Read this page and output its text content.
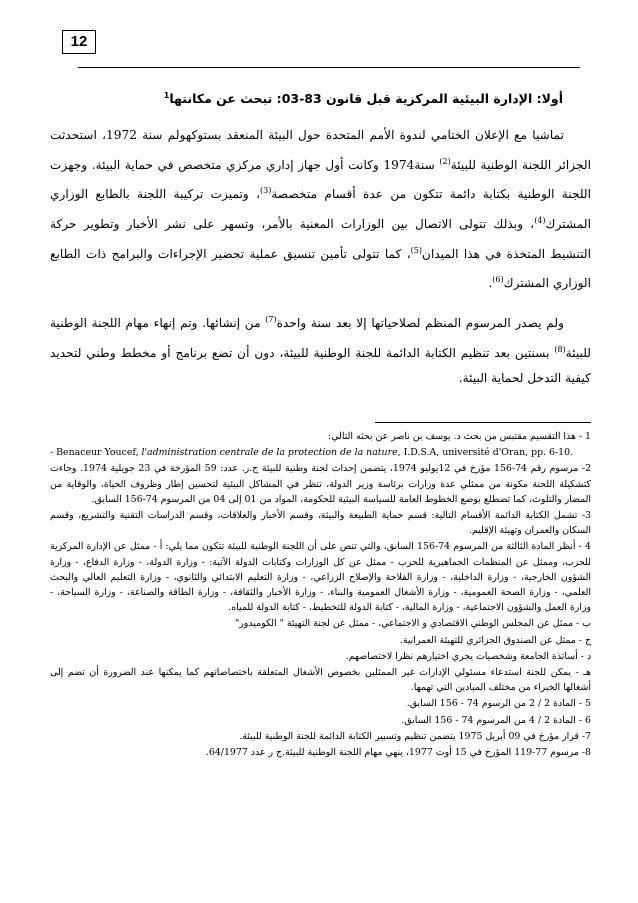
12
أولا: الإدارة البيئية المركزية قبل قانون 83-03: تبحث عن مكانتها$^1$

تماشيا مع الإعلان الختامي لندوة الأمم المتحدة حول البيئة المنعقد بستوكهولم سنة 1972، استحدثت الجزائر اللجنة الوطنية للبيئة$^{(2)}$ سنة1974 وكانت أول جهاز إداري مركزي متخصص في حماية البيئة. وجهزت اللجنة الوطنية بكتابة دائمة تتكون من عدة أقسام متخصصة$^{(3)}$، وتميزت تركيبة اللجنة بالطابع الوزاري المشترك$^{(4)}$، وبذلك تتولى الاتصال بين الوزارات المعنية بالأمر، وتسهر على نشر الأخبار وتطوير حركة التنشيط المتخذة في هذا الميدان$^{(5)}$، كما تتولى تأمين تنسيق عملية تحضير الإجراءات والبرامج ذات الطابع الوزاري المشترك$^{(6)}$.

ولم يصدر المرسوم المنظم لصلاحياتها إلا بعد سنة واحدة$^{(7)}$ من إنشائها. وتم إنهاء مهام اللجنة الوطنية للبيئة$^{(8)}$ بسنتين بعد تنظيم الكتابة الدائمة للجنة الوطنية للبيئة، دون أن تضع برنامج أو مخطط وطني لتحديد كيفية التدخل لحماية البيئة.

1 - هذا التقسيم مقتبس من بحث د. يوسف بن ناصر عن بحثه التالي:
- Benaceur Youcef, l'administration centrale de la protection de la nature, I.D.S.A, université d'Oran, pp. 6-10.
2- مرسوم رقم 74-156 مؤرخ في 12يوليو 1974، يتضمن إحداث لجنة وطنية للبيئة ج.ر. عدد: 59 المؤرخة في 23 جويلية 1974. وجاءت كتشكيلة اللجنة مكونة من ممثلي عدة وزارات برئاسة وزير الدولة، تنظر في المشاكل البيئية لتحسين إطار وظروف الحياة، والوقاية من المضار والتلوث، كما تضطلع بوضع الخطوط العامة للسياسة البيئية للحكومة، المواد من 01 إلى 04 من المرسوم 74-156 السابق.
3- تشمل الكتابة الدائمة الأقسام التالية: قسم حماية الطبيعة والبيئة، وقسم الأخبار والعلاقات، وقسم الدراسات التقنية والتشريع، وقسم السكان والعمران وتهيئة الإقليم.
4 - أنظر المادة الثالثة من المرسوم 74-156 السابق، والتي تنص على أن اللجنة الوطنية للبيئة تتكون مما يلي: أ - ممثل عن الإدارة المركزية للحزب، وممثل عن المنظمات الجماهيرية للحزب - ممثل عن كل الوزارات وكتابات الدولة الآتية: - وزارة الدولة، - وزارة الدفاع، - وزارة الشؤون الخارجية، - وزارة الداخلية، - وزارة الفلاحة والإصلاح الزراعي، - وزارة التعليم الابتدائي والثانوي، - وزارة التعليم العالي والبحث العلمي، - وزارة الصحة العمومية، - وزارة الأشغال العمومية والبناء، - وزارة الأخبار والثقافة، - وزارة الطاقة والصناعة، - وزارة السياحة، - وزارة العمل والشؤون الاجتماعية، - وزارة المالية، - كتابة الدولة للتخطيط، - كتابة الدولة للمياه.
ب - ممثل عن المجلس الوطني الاقتصادي و الاجتماعي، - ممثل عن لجنة التهيئة " الكوميدور"
ج - ممثل عن الصندوق الجزائري للتهيئة العمرانية.
د - أساتذة الجامعة وشخصيات يجري اختيارهم نظرا لاختصاصهم.
هـ - يمكن للجنة استدعاء مسئولي الإدارات غير الممثلين بخصوص الأشغال المتعلقة باختصاصاتهم كما يمكنها عند الضرورة أن تضم إلى أشغالها الخبراء من مختلف الميادين التي تهمها.
5 - المادة 2 / 2 من الرسوم 74 - 156 السابق.
6 - المادة 2 / 4 من المرسوم 74 - 156 السابق.
7- قرار مؤرخ في 09 أبريل 1975 يتضمن تنظيم وتسيير الكتابة الدائمة للجنة الوطنية للبيئة.
8- مرسوم 77-119 المؤرخ في 15 أوت 1977، ينهي مهام اللجنة الوطنية للبيئة.ج ر عدد 64/1977.
